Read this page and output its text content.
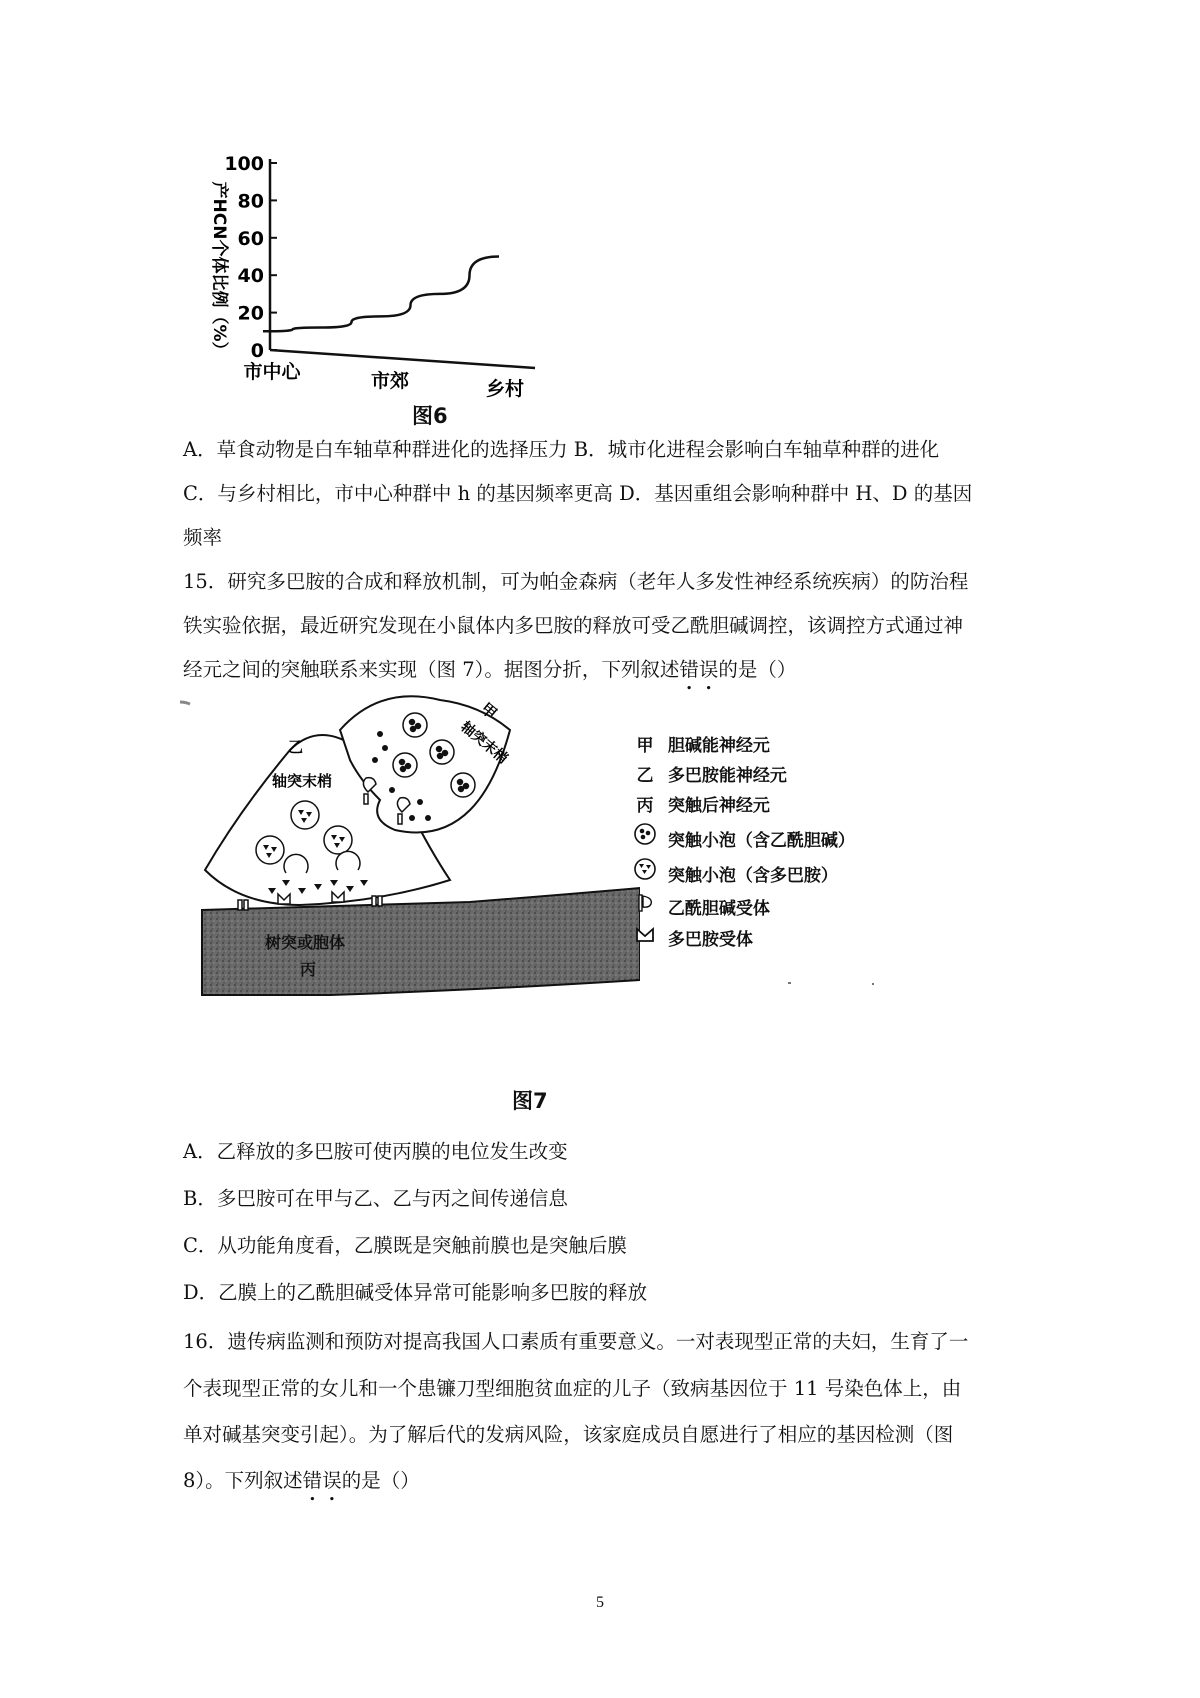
100
80
60
40
20
0
市中心	市郊	乡村
产HCN个体比例（%）
图6
A．草食动物是白车轴草种群进化的选择压力 B．城市化进程会影响白车轴草种群的进化
C．与乡村相比，市中心种群中 h 的基因频率更高 D．基因重组会影响种群中 H、D 的基因
频率
15．研究多巴胺的合成和释放机制，可为帕金森病（老年人多发性神经系统疾病）的防治程
铁实验依据，最近研究发现在小鼠体内多巴胺的释放可受乙酰胆碱调控，该调控方式通过神
经元之间的突触联系来实现（图 7）。据图分折，下列叙述错误的是（）
甲
轴突末梢
乙
轴突末梢
树突或胞体
丙
甲 胆碱能神经元
乙 多巴胺能神经元
丙 突触后神经元
突触小泡（含乙酰胆碱）
突触小泡（含多巴胺）
乙酰胆碱受体
多巴胺受体
图7
A．乙释放的多巴胺可使丙膜的电位发生改变
B．多巴胺可在甲与乙、乙与丙之间传递信息
C．从功能角度看，乙膜既是突触前膜也是突触后膜
D．乙膜上的乙酰胆碱受体异常可能影响多巴胺的释放
16．遗传病监测和预防对提高我国人口素质有重要意义。一对表现型正常的夫妇，生育了一
个表现型正常的女儿和一个患镰刀型细胞贫血症的儿子（致病基因位于 11 号染色体上，由
单对碱基突变引起）。为了解后代的发病风险，该家庭成员自愿进行了相应的基因检测（图
8）。下列叙述错误的是（）
5
